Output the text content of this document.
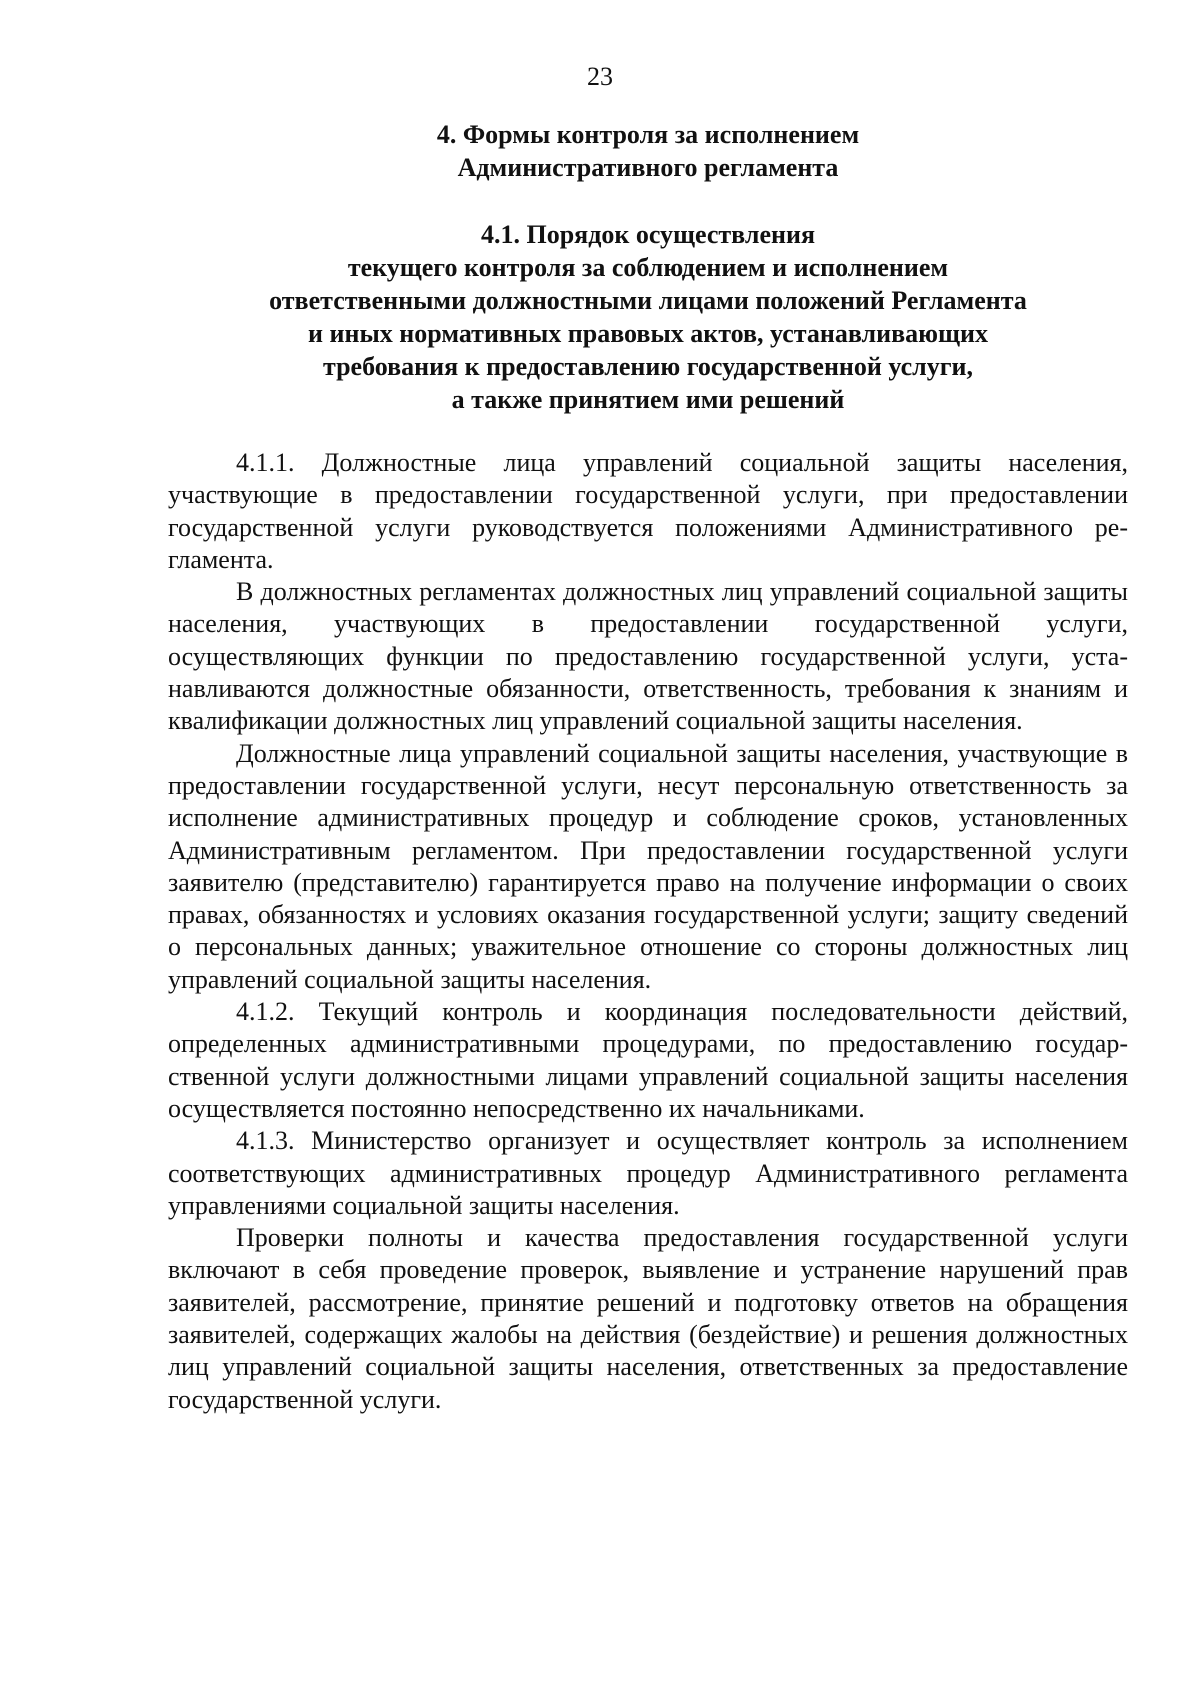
23
4. Формы контроля за исполнением
Административного регламента
4.1. Порядок осуществления
текущего контроля за соблюдением и исполнением
ответственными должностными лицами положений Регламента
и иных нормативных правовых актов, устанавливающих
требования к предоставлению государственной услуги,
а также принятием ими решений

4.1.1. Должностные лица управлений социальной защиты населения, участвующие в предоставлении государственной услуги, при предоставлении государственной услуги руководствуется положениями Административного регламента.

В должностных регламентах должностных лиц управлений социальной защиты населения, участвующих в предоставлении государственной услуги, осуществляющих функции по предоставлению государственной услуги, устанавливаются должностные обязанности, ответственность, требования к знаниям и квалификации должностных лиц управлений социальной защиты населения.

Должностные лица управлений социальной защиты населения, участвующие в предоставлении государственной услуги, несут персональную ответственность за исполнение административных процедур и соблюдение сроков, установленных Административным регламентом. При предоставлении государственной услуги заявителю (представителю) гарантируется право на получение информации о своих правах, обязанностях и условиях оказания государственной услуги; защиту сведений о персональных данных; уважительное отношение со стороны должностных лиц управлений социальной защиты населения.

4.1.2. Текущий контроль и координация последовательности действий, определенных административными процедурами, по предоставлению государственной услуги должностными лицами управлений социальной защиты населения осуществляется постоянно непосредственно их начальниками.

4.1.3. Министерство организует и осуществляет контроль за исполнением соответствующих административных процедур Административного регламента управлениями социальной защиты населения.

Проверки полноты и качества предоставления государственной услуги включают в себя проведение проверок, выявление и устранение нарушений прав заявителей, рассмотрение, принятие решений и подготовку ответов на обращения заявителей, содержащих жалобы на действия (бездействие) и решения должностных лиц управлений социальной защиты населения, ответственных за предоставление государственной услуги.
